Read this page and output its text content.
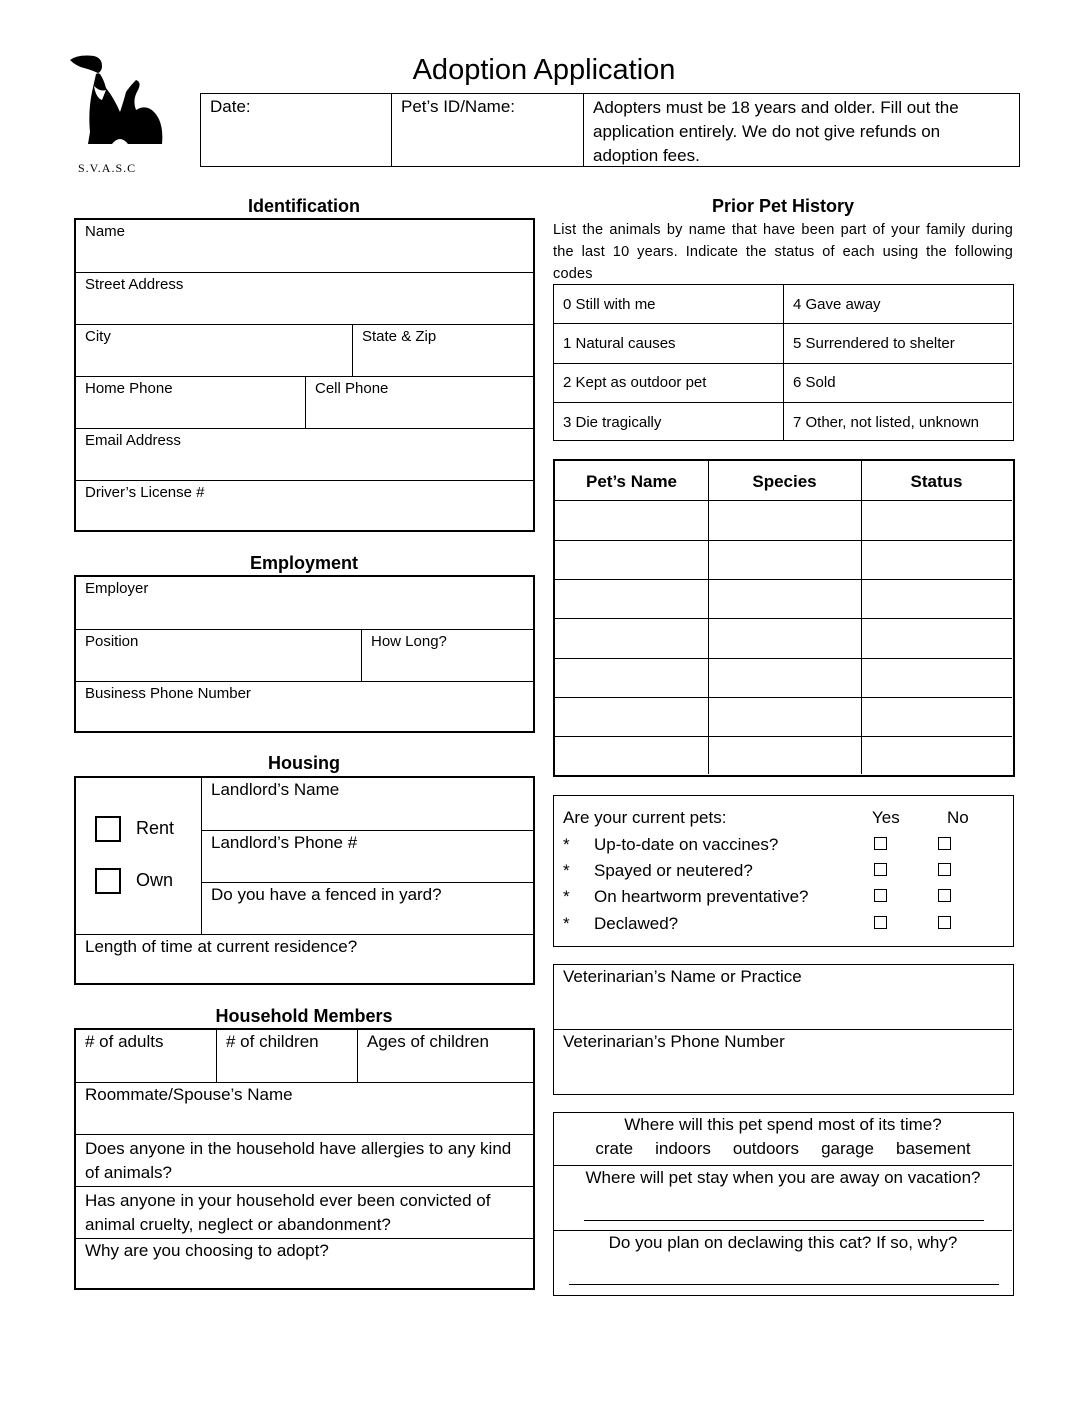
S.V.A.S.C
Adoption Application
Date:	Pet’s ID/Name:	Adopters must be 18 years and older. Fill out the application entirely. We do not give refunds on adoption fees.
Identification
Name
Street Address
City	State & Zip
Home Phone	Cell Phone
Email Address
Driver’s License #
Employment
Employer
Position	How Long?
Business Phone Number
Housing
Rent
Own
Landlord’s Name
Landlord’s Phone #
Do you have a fenced in yard?
Length of time at current residence?
Household Members
# of adults	# of children	Ages of children
Roommate/Spouse’s Name
Does anyone in the household have allergies to any kind of animals?
Has anyone in your household ever been convicted of animal cruelty, neglect or abandonment?
Why are you choosing to adopt?
Prior Pet History
List the animals by name that have been part of your family during the last 10 years. Indicate the status of each using the following codes
0 Still with me	4 Gave away
1 Natural causes	5 Surrendered to shelter
2 Kept as outdoor pet	6 Sold
3 Die tragically	7 Other, not listed, unknown
Pet’s Name	Species	Status
Are your current pets:	Yes	No
* Up-to-date on vaccines?
* Spayed or neutered?
* On heartworm preventative?
* Declawed?
Veterinarian’s Name or Practice
Veterinarian’s Phone Number
Where will this pet spend most of its time?
crate indoors outdoors garage basement
Where will pet stay when you are away on vacation?
Do you plan on declawing this cat? If so, why?
